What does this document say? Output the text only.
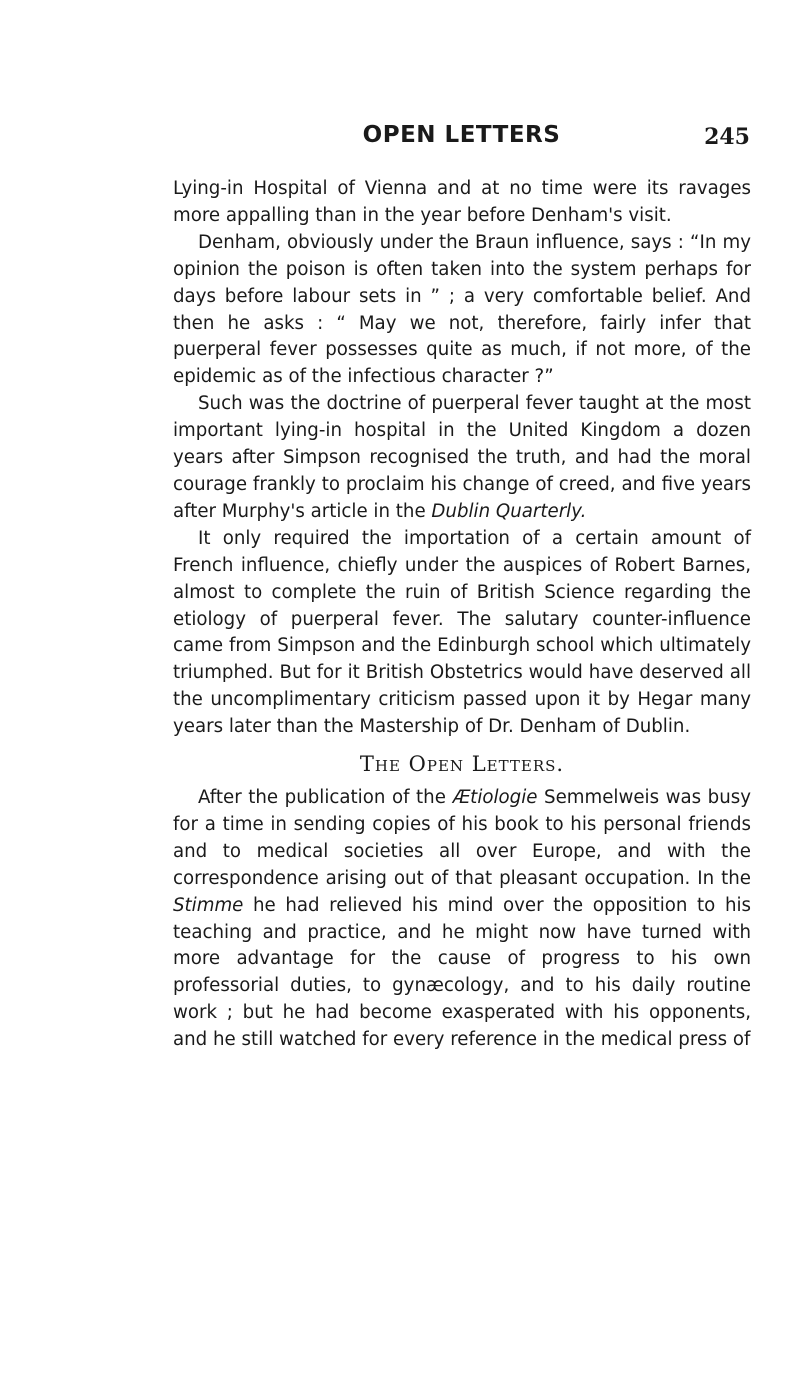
OPEN LETTERS	245

Lying-in Hospital of Vienna and at no time were its ravages more appalling than in the year before Denham's visit.

Denham, obviously under the Braun influence, says : “In my opinion the poison is often taken into the system perhaps for days before labour sets in ” ; a very comfortable belief. And then he asks : “ May we not, therefore, fairly infer that puerperal fever possesses quite as much, if not more, of the epidemic as of the infectious character ?”

Such was the doctrine of puerperal fever taught at the most important lying-in hospital in the United Kingdom a dozen years after Simpson recognised the truth, and had the moral courage frankly to proclaim his change of creed, and five years after Murphy's article in the Dublin Quarterly.

It only required the importation of a certain amount of French influence, chiefly under the auspices of Robert Barnes, almost to complete the ruin of British Science regarding the etiology of puerperal fever. The salutary counter-influence came from Simpson and the Edinburgh school which ultimately triumphed. But for it British Obstetrics would have deserved all the uncomplimentary criticism passed upon it by Hegar many years later than the Mastership of Dr. Denham of Dublin.

The Open Letters.

After the publication of the Ætiologie Semmelweis was busy for a time in sending copies of his book to his personal friends and to medical societies all over Europe, and with the correspondence arising out of that pleasant occupation. In the Stimme he had relieved his mind over the opposition to his teaching and practice, and he might now have turned with more advantage for the cause of progress to his own professorial duties, to gynæcology, and to his daily routine work ; but he had become exasperated with his opponents, and he still watched for every reference in the medical press of
